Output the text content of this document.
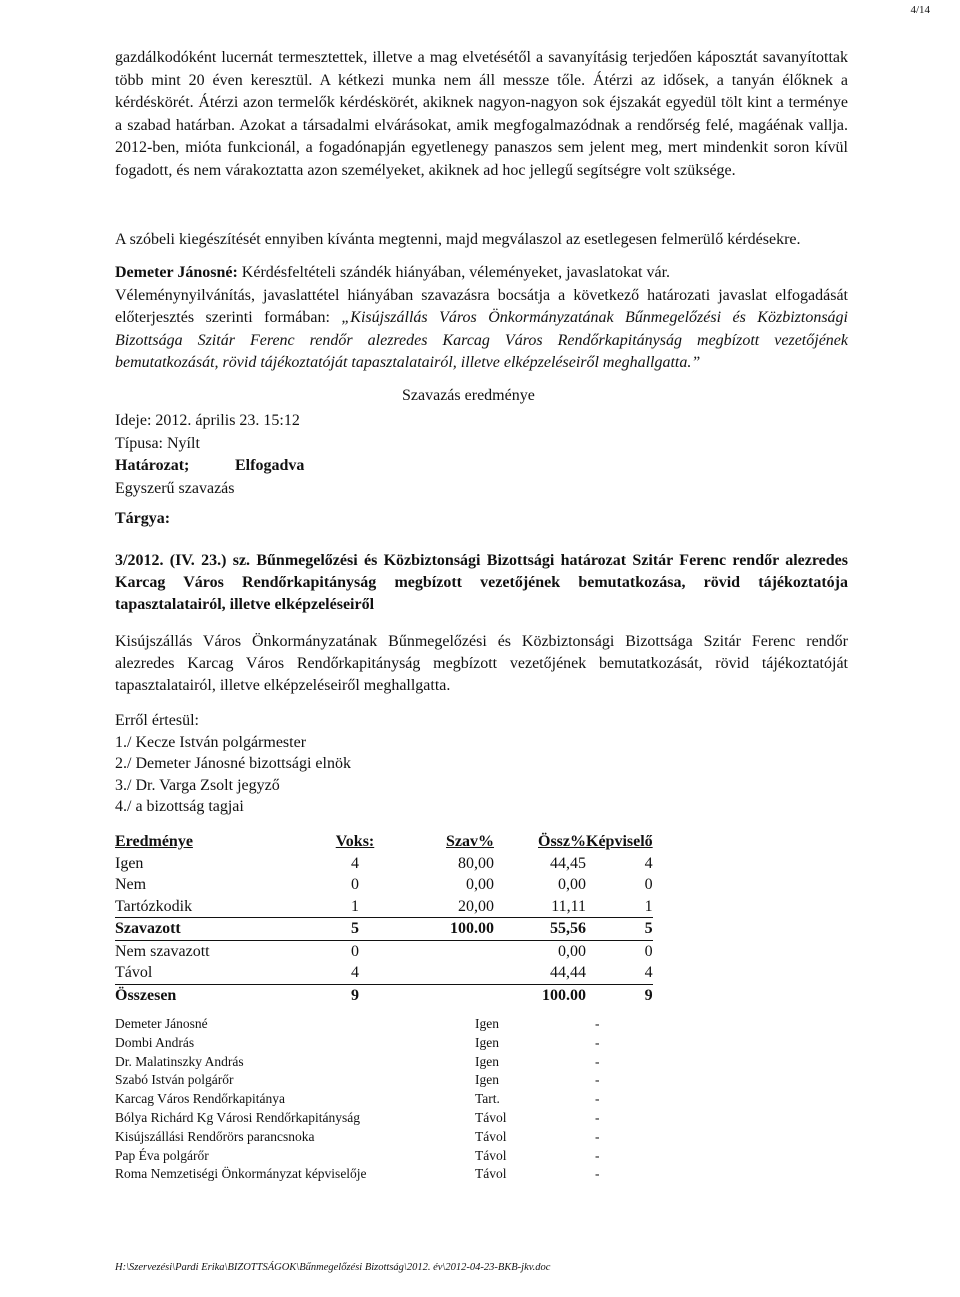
4/14

gazdálkodóként lucernát termesztettek, illetve a mag elvetésétől a savanyításig terjedően káposztát savanyítottak több mint 20 éven keresztül. A kétkezi munka nem áll messze tőle. Átérzi az idősek, a tanyán élőknek a kérdéskörét. Átérzi azon termelők kérdéskörét, akiknek nagyon-nagyon sok éjszakát egyedül tölt kint a terménye a szabad határban. Azokat a társadalmi elvárásokat, amik megfogalmazódnak a rendőrség felé, magáénak vallja. 2012-ben, mióta funkcionál, a fogadónapján egyetlenegy panaszos sem jelent meg, mert mindenkit soron kívül fogadott, és nem várakoztatta azon személyeket, akiknek ad hoc jellegű segítségre volt szüksége.

A szóbeli kiegészítését ennyiben kívánta megtenni, majd megválaszol az esetlegesen felmerülő kérdésekre.

Demeter Jánosné: Kérdésfeltételi szándék hiányában, véleményeket, javaslatokat vár.
Véleménynyilvánítás, javaslattétel hiányában szavazásra bocsátja a következő határozati javaslat elfogadását előterjesztés szerinti formában: „Kisújszállás Város Önkormányzatának Bűnmegelőzési és Közbiztonsági Bizottsága Szitár Ferenc rendőr alezredes Karcag Város Rendőrkapitányság megbízott vezetőjének bemutatkozását, rövid tájékoztatóját tapasztalatairól, illetve elképzeléseiről meghallgatta.”

Szavazás eredménye
Ideje: 2012. április 23. 15:12
Típusa: Nyílt
Határozat;	Elfogadva
Egyszerű szavazás
Tárgya:

3/2012. (IV. 23.) sz. Bűnmegelőzési és Közbiztonsági Bizottsági határozat Szitár Ferenc rendőr alezredes Karcag Város Rendőrkapitányság megbízott vezetőjének bemutatkozása, rövid tájékoztatója tapasztalatairól, illetve elképzeléseiről

Kisújszállás Város Önkormányzatának Bűnmegelőzési és Közbiztonsági Bizottsága Szitár Ferenc rendőr alezredes Karcag Város Rendőrkapitányság megbízott vezetőjének bemutatkozását, rövid tájékoztatóját tapasztalatairól, illetve elképzeléseiről meghallgatta.

Erről értesül:
1./ Kecze István polgármester
2./ Demeter Jánosné bizottsági elnök
3./ Dr. Varga Zsolt jegyző
4./ a bizottság tagjai
Eredménye	Voks:	Szav%	Össz%	Képviselő
Igen	4	80,00	44,45	4
Nem	0	0,00	0,00	0
Tartózkodik	1	20,00	11,11	1
Szavazott	5	100.00	55,56	5
Nem szavazott	0		0,00	0
Távol	4		44,44	4
Összesen	9		100.00	9
Demeter Jánosné	Igen	-
Dombi András	Igen	-
Dr. Malatinszky András	Igen	-
Szabó István polgárőr	Igen	-
Karcag Város Rendőrkapitánya	Tart.	-
Bólya Richárd Kg Városi Rendőrkapitányság	Távol	-
Kisújszállási Rendőrörs parancsnoka	Távol	-
Pap Éva polgárőr	Távol	-
Roma Nemzetiségi Önkormányzat képviselője	Távol	-
H:\Szervezési\Pardi Erika\BIZOTTSÁGOK\Bűnmegelőzési Bizottság\2012. év\2012-04-23-BKB-jkv.doc
